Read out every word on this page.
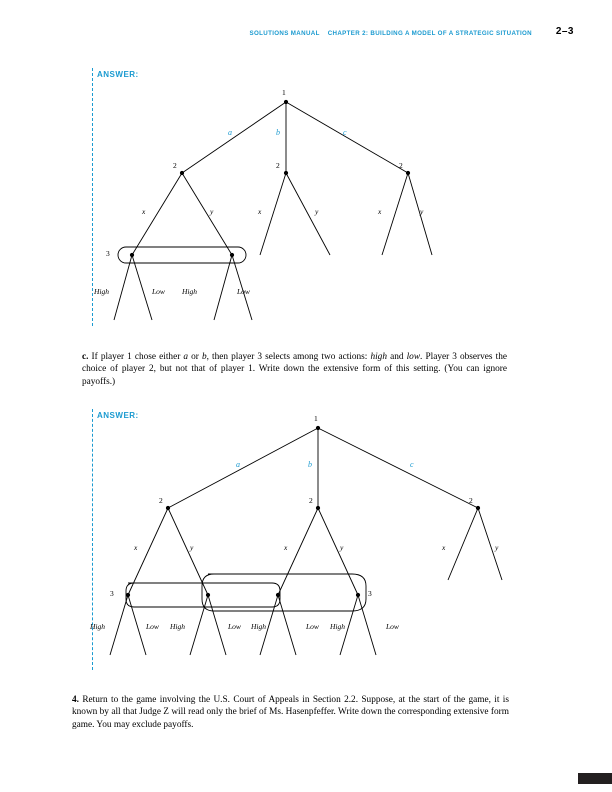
SOLUTIONS MANUAL CHAPTER 2: BUILDING A MODEL OF A STRATEGIC SITUATION 2–3
ANSWER:
1
a	b	c
2	2	2
x	y	x	y	x	y
3
High	Low High	Low
c. If player 1 chose either a or b, then player 3 selects among two actions: high and low. Player 3 observes the choice of player 2, but not that of player 1. Write down the extensive form of this setting. (You can ignore payoffs.)
ANSWER:	1
a	b	c
2	2	2
x	y	x	y	x	y
3	3
High	Low High	Low High	Low High	Low
4. Return to the game involving the U.S. Court of Appeals in Section 2.2. Suppose, at the start of the game, it is known by all that Judge Z will read only the brief of Ms. Hasenpfeffer. Write down the corresponding extensive form game. You may exclude payoffs.
